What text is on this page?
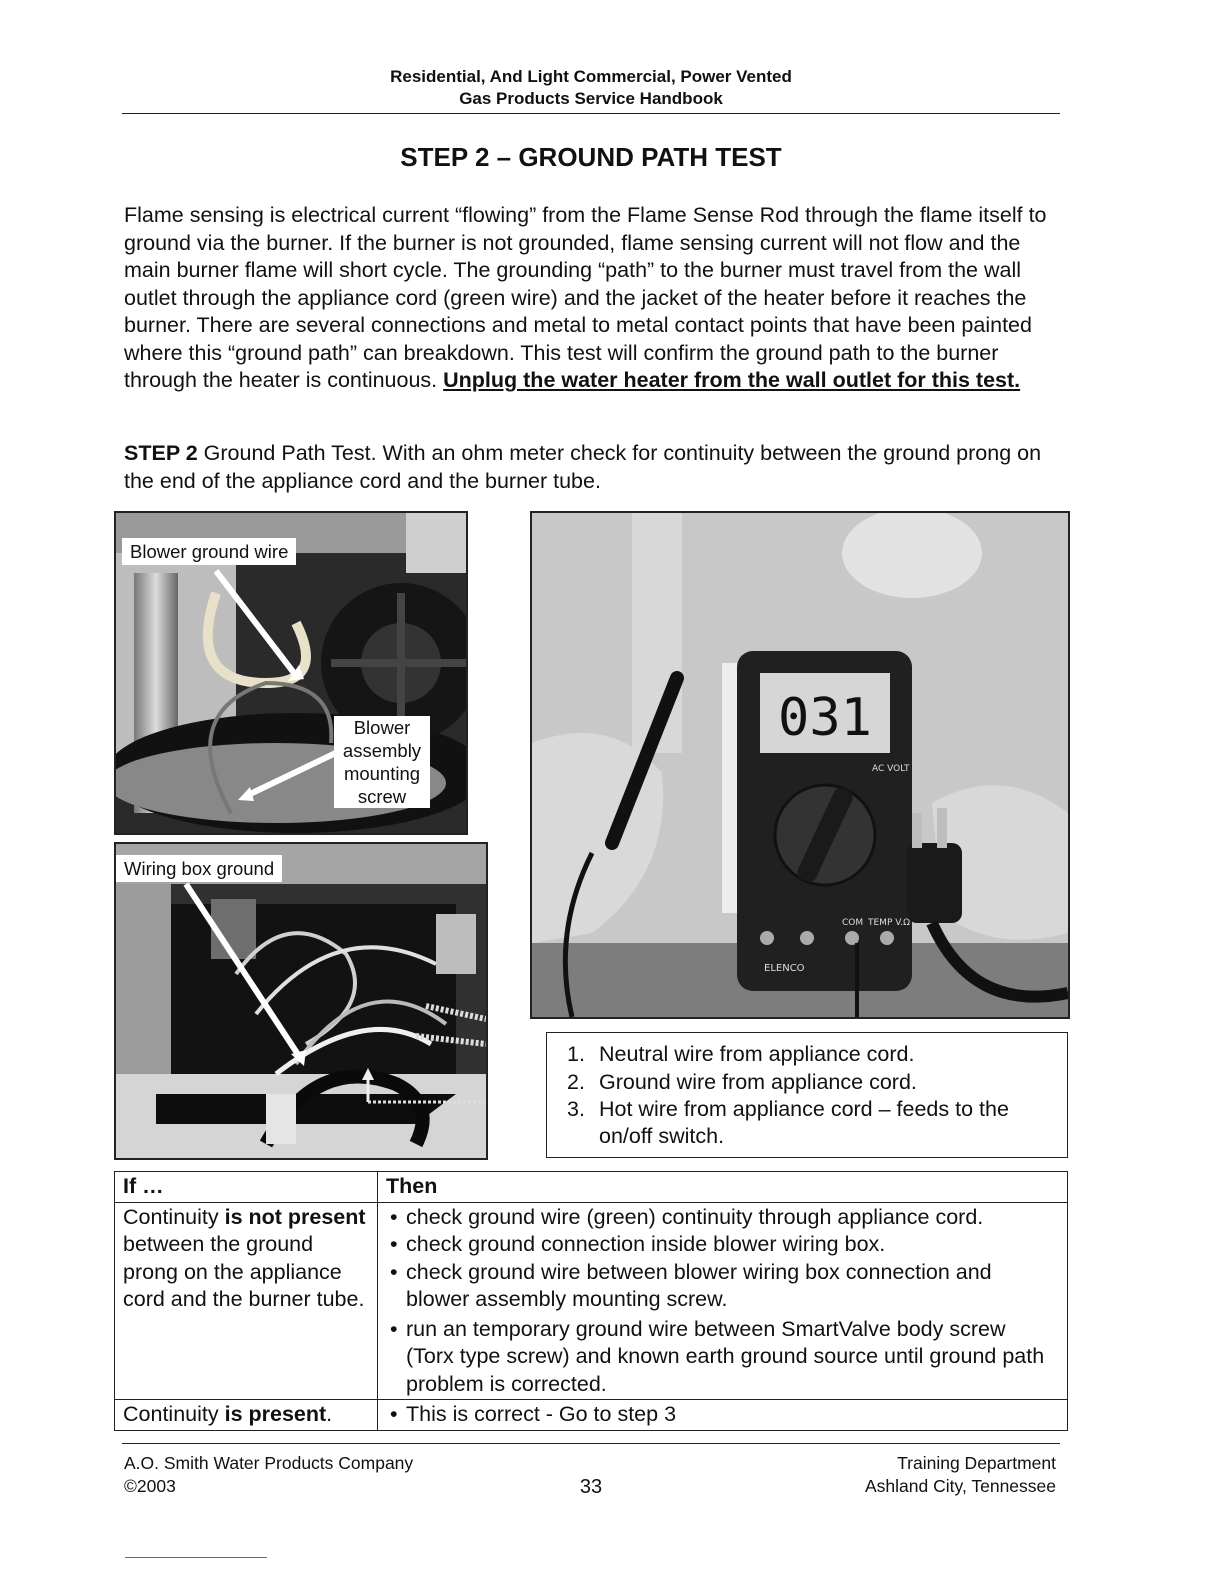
Residential, And Light Commercial, Power Vented
Gas Products Service Handbook
STEP 2 – GROUND PATH TEST
Flame sensing is electrical current “flowing” from the Flame Sense Rod through the flame itself to ground via the burner. If the burner is not grounded, flame sensing current will not flow and the main burner flame will short cycle. The grounding “path” to the burner must travel from the wall outlet through the appliance cord (green wire) and the jacket of the heater before it reaches the burner. There are several connections and metal to metal contact points that have been painted where this “ground path” can breakdown. This test will confirm the ground path to the burner through the heater is continuous. Unplug the water heater from the wall outlet for this test.
STEP 2 Ground Path Test. With an ohm meter check for continuity between the ground prong on the end of the appliance cord and the burner tube.
Blower ground wire
Blower
assembly
mounting
screw
Wiring box ground
031
AC VOLT
COM TEMP V.Ω
ELENCO
1. Neutral wire from appliance cord.
2. Ground wire from appliance cord.
3. Hot wire from appliance cord – feeds to the on/off switch.
If …	Then
Continuity is not present between the ground prong on the appliance cord and the burner tube.	• check ground wire (green) continuity through appliance cord.
• check ground connection inside blower wiring box.
• check ground wire between blower wiring box connection and blower assembly mounting screw.
• run an temporary ground wire between SmartValve body screw (Torx type screw) and known earth ground source until ground path problem is corrected.

Continuity is present.	• This is correct - Go to step 3
A.O. Smith Water Products Company
©2003	33
Training Department
Ashland City, Tennessee
